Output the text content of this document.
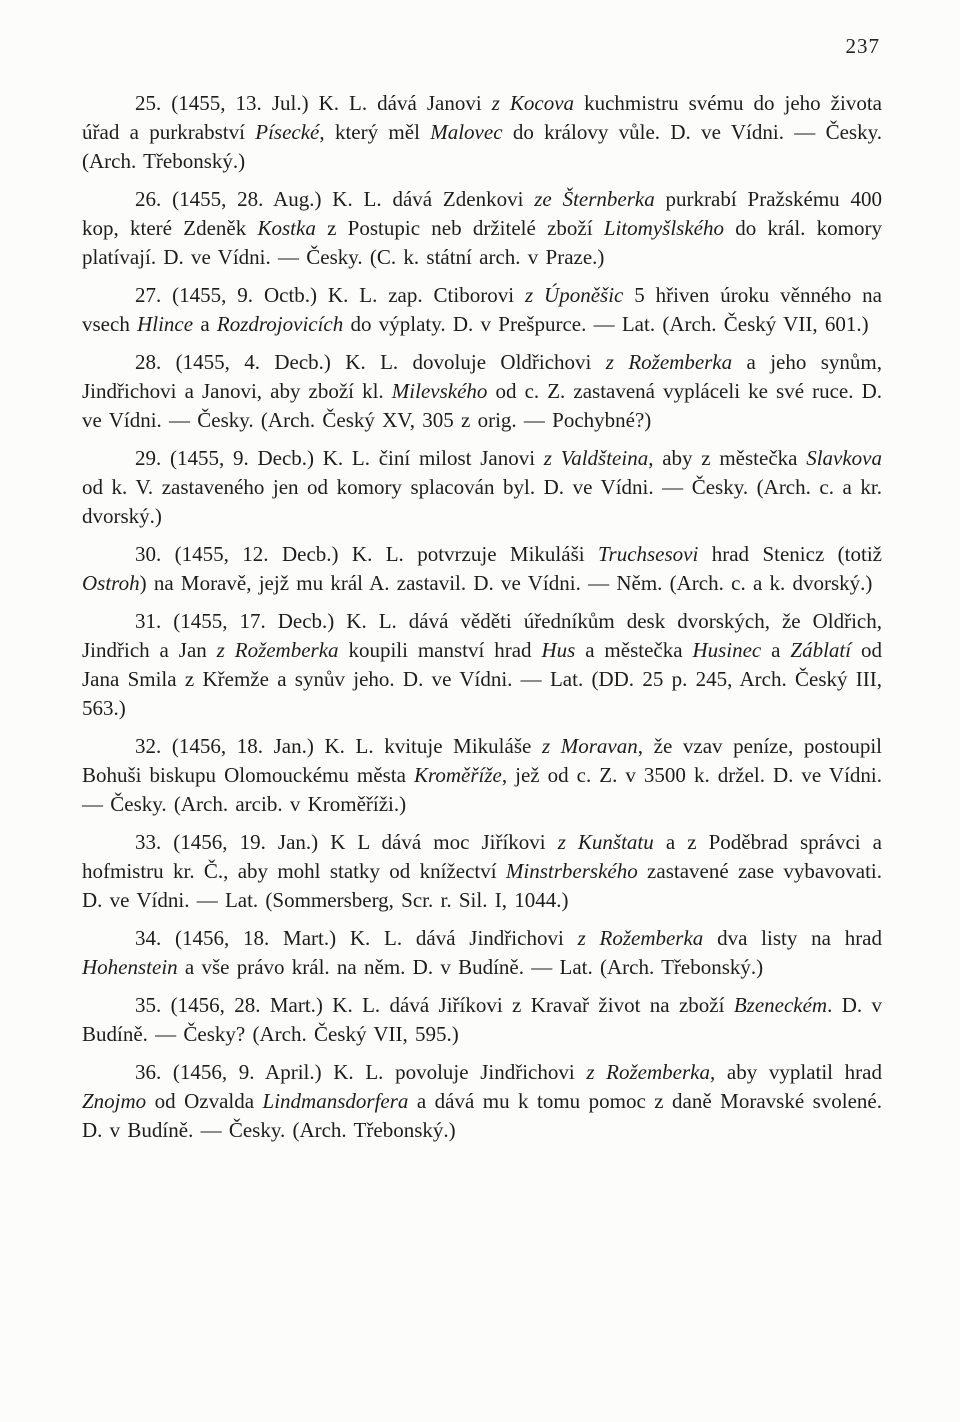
237

25. (1455, 13. Jul.) K. L. dává Janovi z Kocova kuchmistru svému do jeho života úřad a purkrabství Písecké, který měl Malovec do královy vůle. D. ve Vídni. — Česky. (Arch. Třebonský.)

26. (1455, 28. Aug.) K. L. dává Zdenkovi ze Šternberka purkrabí Pražskému 400 kop, které Zdeněk Kostka z Postupic neb držitelé zboží Litomyšlského do král. komory platívají. D. ve Vídni. — Česky. (C. k. státní arch. v Praze.)

27. (1455, 9. Octb.) K. L. zap. Ctiborovi z Úponěšic 5 hřiven úroku věnného na vsech Hlince a Rozdrojovicích do výplaty. D. v Prešpurce. — Lat. (Arch. Český VII, 601.)

28. (1455, 4. Decb.) K. L. dovoluje Oldřichovi z Rožemberka a jeho synům, Jindřichovi a Janovi, aby zboží kl. Milevského od c. Z. zastavená vypláceli ke své ruce. D. ve Vídni. — Česky. (Arch. Český XV, 305 z orig. — Pochybné?)

29. (1455, 9. Decb.) K. L. činí milost Janovi z Valdšteina, aby z městečka Slavkova od k. V. zastaveného jen od komory splacován byl. D. ve Vídni. — Česky. (Arch. c. a kr. dvorský.)

30. (1455, 12. Decb.) K. L. potvrzuje Mikuláši Truchsesovi hrad Stenicz (totiž Ostroh) na Moravě, jejž mu král A. zastavil. D. ve Vídni. — Něm. (Arch. c. a k. dvorský.)

31. (1455, 17. Decb.) K. L. dává věděti úředníkům desk dvorských, že Oldřich, Jindřich a Jan z Rožemberka koupili manství hrad Hus a městečka Husinec a Záblatí od Jana Smila z Křemže a synův jeho. D. ve Vídni. — Lat. (DD. 25 p. 245, Arch. Český III, 563.)

32. (1456, 18. Jan.) K. L. kvituje Mikuláše z Moravan, že vzav peníze, postoupil Bohuši biskupu Olomouckému města Kroměříže, jež od c. Z. v 3500 k. držel. D. ve Vídni. — Česky. (Arch. arcib. v Kroměříži.)

33. (1456, 19. Jan.) K L dává moc Jiříkovi z Kunštatu a z Poděbrad správci a hofmistru kr. Č., aby mohl statky od knížectví Minstrberského zastavené zase vybavovati. D. ve Vídni. — Lat. (Sommersberg, Scr. r. Sil. I, 1044.)

34. (1456, 18. Mart.) K. L. dává Jindřichovi z Rožemberka dva listy na hrad Hohenstein a vše právo král. na něm. D. v Budíně. — Lat. (Arch. Třebonský.)

35. (1456, 28. Mart.) K. L. dává Jiříkovi z Kravař život na zboží Bzeneckém. D. v Budíně. — Česky? (Arch. Český VII, 595.)

36. (1456, 9. April.) K. L. povoluje Jindřichovi z Rožemberka, aby vyplatil hrad Znojmo od Ozvalda Lindmansdorfera a dává mu k tomu pomoc z daně Moravské svolené. D. v Budíně. — Česky. (Arch. Třebonský.)
